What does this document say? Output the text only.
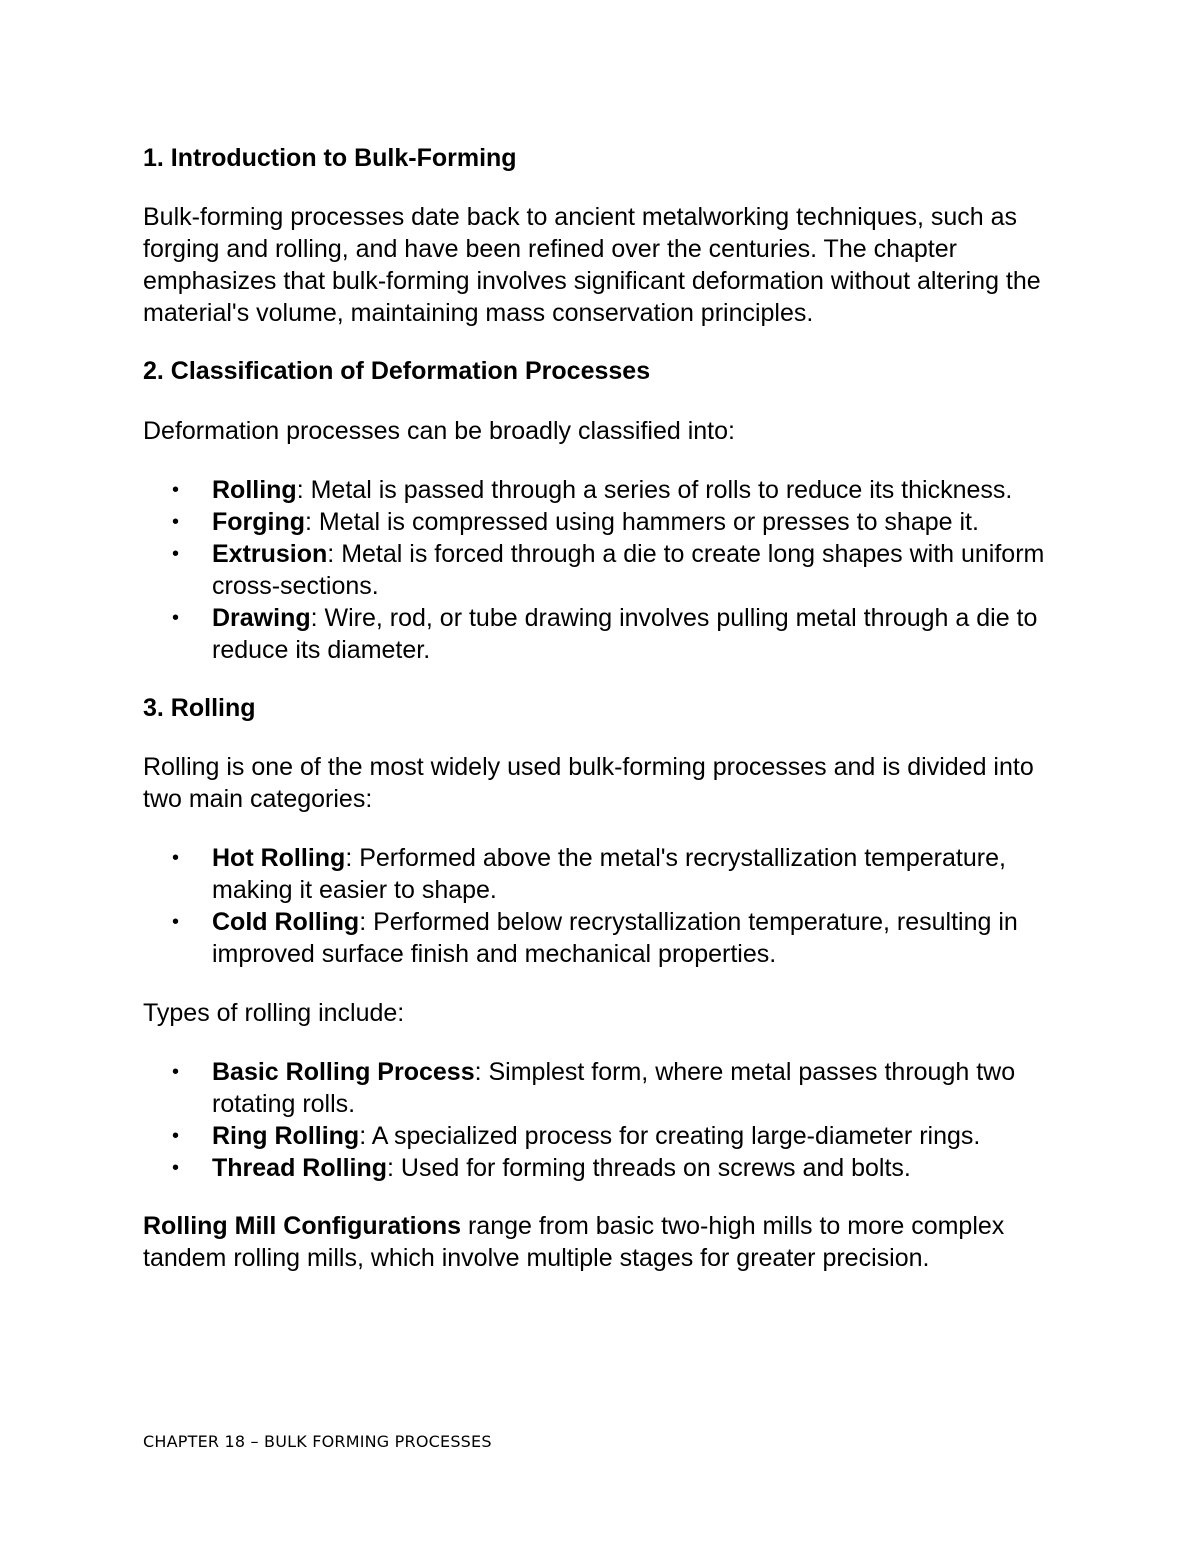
1. Introduction to Bulk-Forming

Bulk-forming processes date back to ancient metalworking techniques, such as forging and rolling, and have been refined over the centuries. The chapter emphasizes that bulk-forming involves significant deformation without altering the material's volume, maintaining mass conservation principles.

2. Classification of Deformation Processes

Deformation processes can be broadly classified into:

• Rolling: Metal is passed through a series of rolls to reduce its thickness.
• Forging: Metal is compressed using hammers or presses to shape it.
• Extrusion: Metal is forced through a die to create long shapes with uniform cross-sections.
• Drawing: Wire, rod, or tube drawing involves pulling metal through a die to reduce its diameter.

3. Rolling

Rolling is one of the most widely used bulk-forming processes and is divided into two main categories:

• Hot Rolling: Performed above the metal's recrystallization temperature, making it easier to shape.
• Cold Rolling: Performed below recrystallization temperature, resulting in improved surface finish and mechanical properties.

Types of rolling include:

• Basic Rolling Process: Simplest form, where metal passes through two rotating rolls.
• Ring Rolling: A specialized process for creating large-diameter rings.
• Thread Rolling: Used for forming threads on screws and bolts.

Rolling Mill Configurations range from basic two-high mills to more complex tandem rolling mills, which involve multiple stages for greater precision.

CHAPTER 18 – BULK FORMING PROCESSES
